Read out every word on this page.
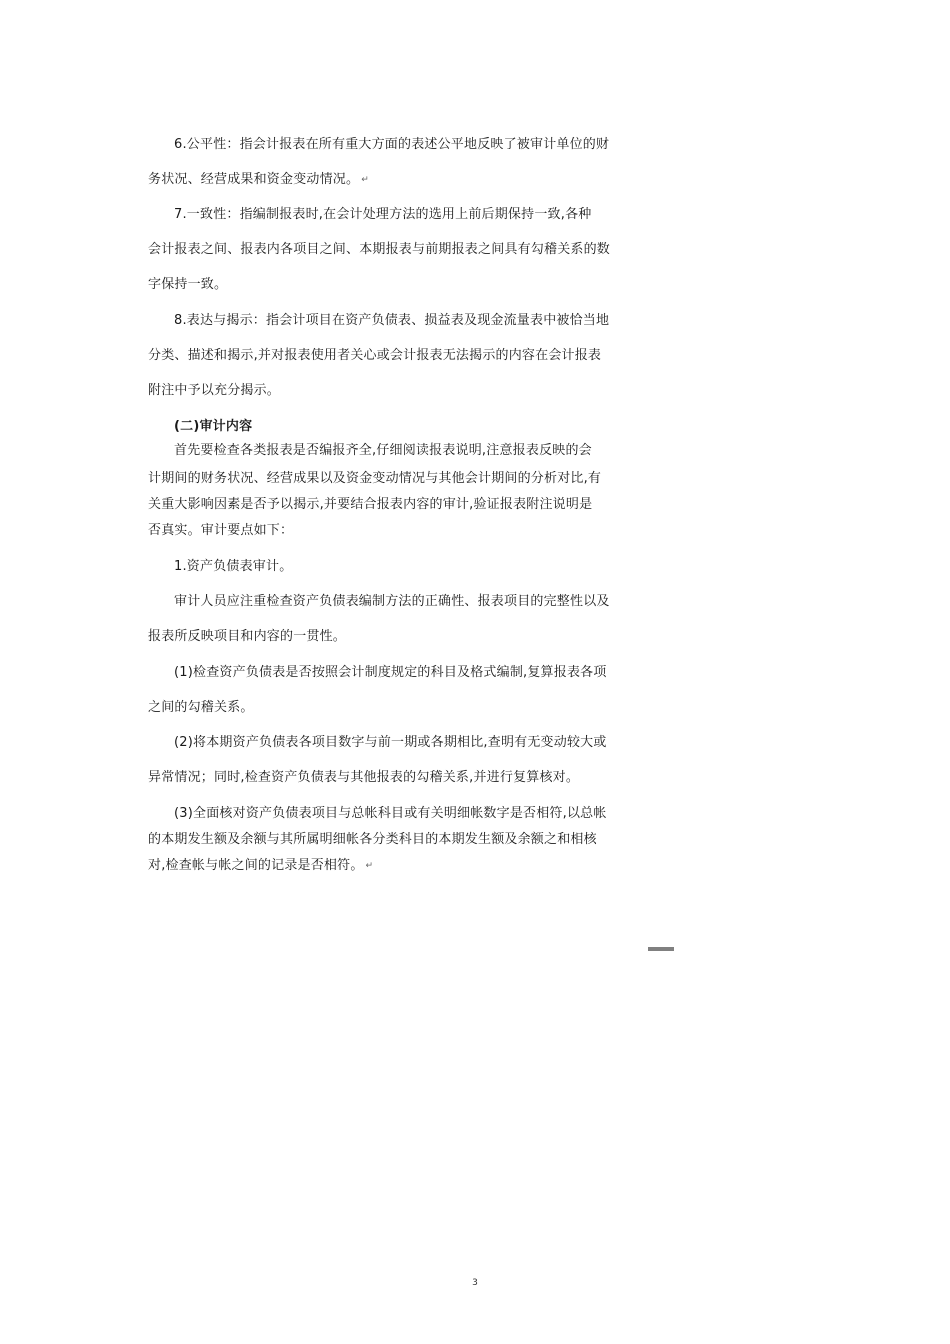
6.公平性：指会计报表在所有重大方面的表述公平地反映了被审计单位的财
务状况、经营成果和资金变动情况。 ↵
7.一致性：指编制报表时,在会计处理方法的选用上前后期保持一致,各种
会计报表之间、报表内各项目之间、本期报表与前期报表之间具有勾稽关系的数
字保持一致。
8.表达与揭示：指会计项目在资产负债表、损益表及现金流量表中被恰当地
分类、描述和揭示,并对报表使用者关心或会计报表无法揭示的内容在会计报表
附注中予以充分揭示。
(二)审计内容
首先要检查各类报表是否编报齐全,仔细阅读报表说明,注意报表反映的会
计期间的财务状况、经营成果以及资金变动情况与其他会计期间的分析对比,有
关重大影响因素是否予以揭示,并要结合报表内容的审计,验证报表附注说明是
否真实。审计要点如下：
1.资产负债表审计。
审计人员应注重检查资产负债表编制方法的正确性、报表项目的完整性以及
报表所反映项目和内容的一贯性。
(1)检查资产负债表是否按照会计制度规定的科目及格式编制,复算报表各项
之间的勾稽关系。
(2)将本期资产负债表各项目数字与前一期或各期相比,查明有无变动较大或
异常情况；同时,检查资产负债表与其他报表的勾稽关系,并进行复算核对。
(3)全面核对资产负债表项目与总帐科目或有关明细帐数字是否相符,以总帐
的本期发生额及余额与其所属明细帐各分类科目的本期发生额及余额之和相核
对,检查帐与帐之间的记录是否相符。 ↵
3
